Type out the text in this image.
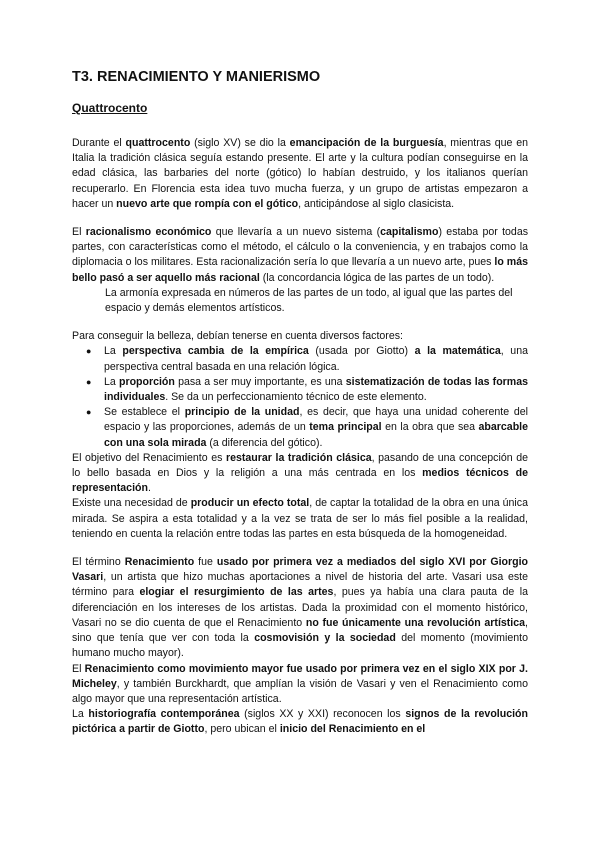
T3. RENACIMIENTO Y MANIERISMO
Quattrocento

Durante el quattrocento (siglo XV) se dio la emancipación de la burguesía, mientras que en Italia la tradición clásica seguía estando presente. El arte y la cultura podían conseguirse en la edad clásica, las barbaries del norte (gótico) lo habían destruido, y los italianos querían recuperarlo. En Florencia esta idea tuvo mucha fuerza, y un grupo de artistas empezaron a hacer un nuevo arte que rompía con el gótico, anticipándose al siglo clasicista.

El racionalismo económico que llevaría a un nuevo sistema (capitalismo) estaba por todas partes, con características como el método, el cálculo o la conveniencia, y en trabajos como la diplomacia o los militares. Esta racionalización sería lo que llevaría a un nuevo arte, pues lo más bello pasó a ser aquello más racional (la concordancia lógica de las partes de un todo).

La armonía expresada en números de las partes de un todo, al igual que las partes del espacio y demás elementos artísticos.

Para conseguir la belleza, debían tenerse en cuenta diversos factores:

● La perspectiva cambia de la empírica (usada por Giotto) a la matemática, una perspectiva central basada en una relación lógica.
● La proporción pasa a ser muy importante, es una sistematización de todas las formas individuales. Se da un perfeccionamiento técnico de este elemento.
● Se establece el principio de la unidad, es decir, que haya una unidad coherente del espacio y las proporciones, además de un tema principal en la obra que sea abarcable con una sola mirada (a diferencia del gótico).

El objetivo del Renacimiento es restaurar la tradición clásica, pasando de una concepción de lo bello basada en Dios y la religión a una más centrada en los medios técnicos de representación.

Existe una necesidad de producir un efecto total, de captar la totalidad de la obra en una única mirada. Se aspira a esta totalidad y a la vez se trata de ser lo más fiel posible a la realidad, teniendo en cuenta la relación entre todas las partes en esta búsqueda de la homogeneidad.

El término Renacimiento fue usado por primera vez a mediados del siglo XVI por Giorgio Vasari, un artista que hizo muchas aportaciones a nivel de historia del arte. Vasari usa este término para elogiar el resurgimiento de las artes, pues ya había una clara pauta de la diferenciación en los intereses de los artistas. Dada la proximidad con el momento histórico, Vasari no se dio cuenta de que el Renacimiento no fue únicamente una revolución artística, sino que tenía que ver con toda la cosmovisión y la sociedad del momento (movimiento humano mucho mayor).

El Renacimiento como movimiento mayor fue usado por primera vez en el siglo XIX por J. Micheley, y también Burckhardt, que amplían la visión de Vasari y ven el Renacimiento como algo mayor que una representación artística.

La historiografía contemporánea (siglos XX y XXI) reconocen los signos de la revolución pictórica a partir de Giotto, pero ubican el inicio del Renacimiento en el
